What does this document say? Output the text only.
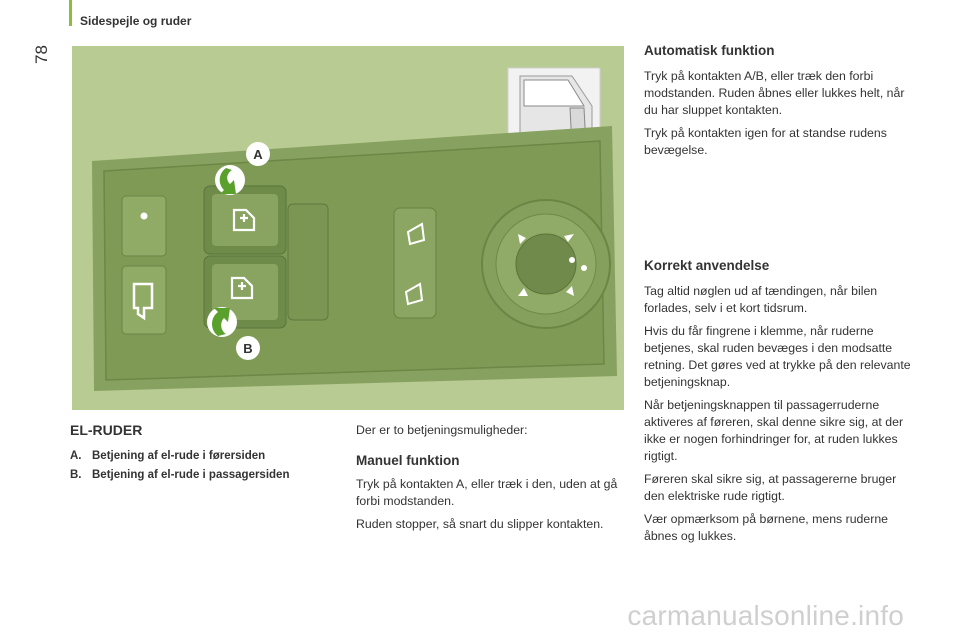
78
Sidespejle og ruder
A
B
EL-RUDER
A. Betjening af el-rude i førersiden
B. Betjening af el-rude i passagersiden

Der er to betjeningsmuligheder:

Manuel funktion

Tryk på kontakten A, eller træk i den, uden at gå forbi modstanden.

Ruden stopper, så snart du slipper kontakten.

Automatisk funktion

Tryk på kontakten A/B, eller træk den forbi modstanden. Ruden åbnes eller lukkes helt, når du har sluppet kontakten.

Tryk på kontakten igen for at standse rudens bevægelse.

Korrekt anvendelse

Tag altid nøglen ud af tændingen, når bilen forlades, selv i et kort tidsrum.

Hvis du får fingrene i klemme, når ruderne betjenes, skal ruden bevæges i den modsatte retning. Det gøres ved at trykke på den relevante betjeningsknap.

Når betjeningsknappen til passagerruderne aktiveres af føreren, skal denne sikre sig, at der ikke er nogen forhindringer for, at ruden lukkes rigtigt.

Føreren skal sikre sig, at passagererne bruger den elektriske rude rigtigt.

Vær opmærksom på børnene, mens ruderne åbnes og lukkes.

carmanualsonline.info
